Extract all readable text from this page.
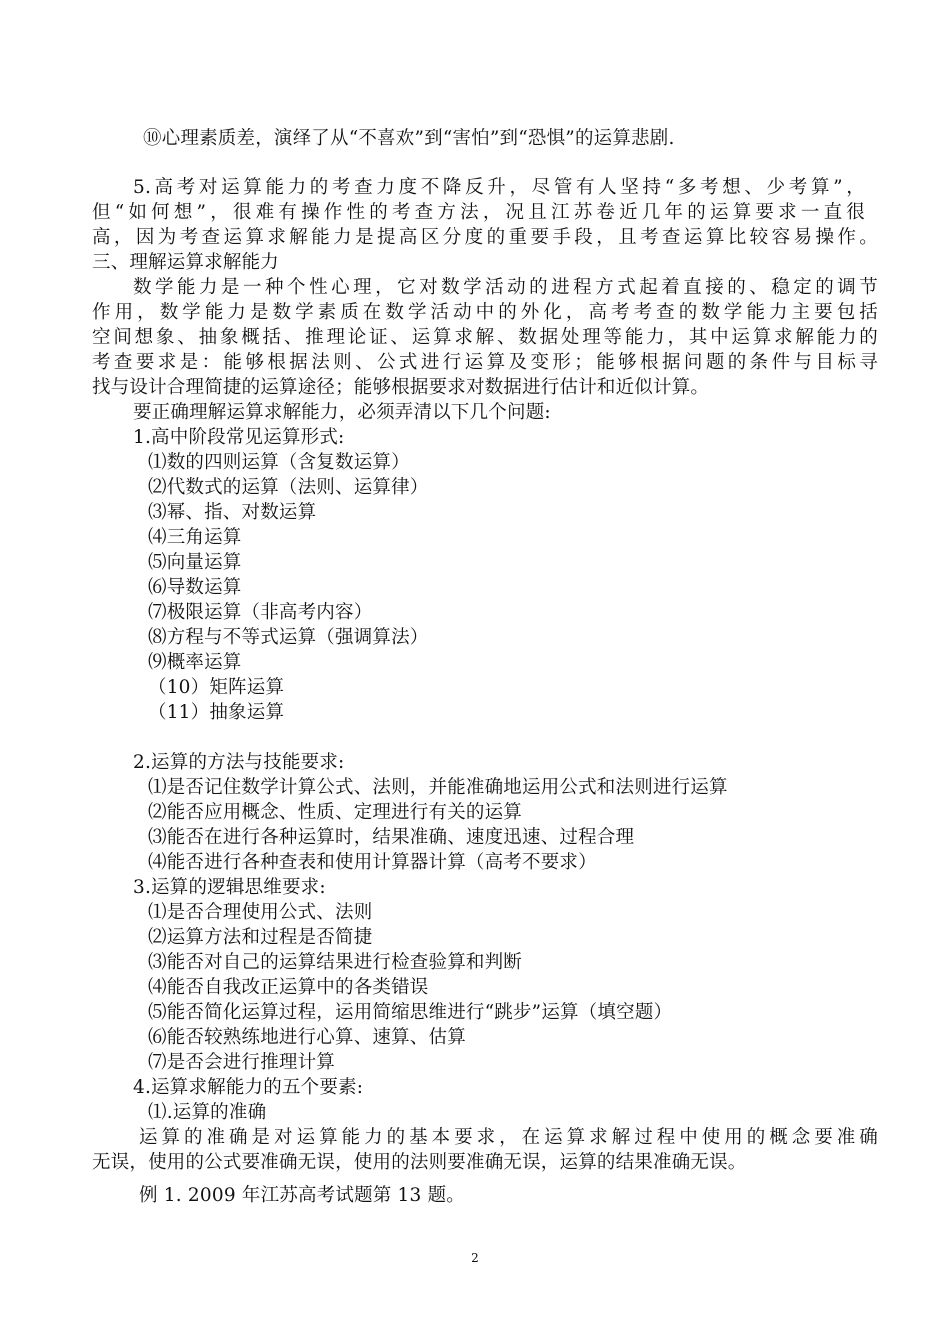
⑩心理素质差，演绎了从“不喜欢”到“害怕”到“恐惧”的运算悲剧.
5.高考对运算能力的考查力度不降反升，尽管有人坚持“多考想、少考算”，
但“如何想”，很难有操作性的考查方法，况且江苏卷近几年的运算要求一直很
高，因为考查运算求解能力是提高区分度的重要手段，且考查运算比较容易操作。
三、理解运算求解能力
数学能力是一种个性心理，它对数学活动的进程方式起着直接的、稳定的调节
作用，数学能力是数学素质在数学活动中的外化，高考考查的数学能力主要包括
空间想象、抽象概括、推理论证、运算求解、数据处理等能力，其中运算求解能力的
考查要求是：能够根据法则、公式进行运算及变形；能够根据问题的条件与目标寻
找与设计合理简捷的运算途径；能够根据要求对数据进行估计和近似计算。
要正确理解运算求解能力，必须弄清以下几个问题:
1.高中阶段常见运算形式:
⑴数的四则运算（含复数运算）
⑵代数式的运算（法则、运算律）
⑶幂、指、对数运算
⑷三角运算
⑸向量运算
⑹导数运算
⑺极限运算（非高考内容）
⑻方程与不等式运算（强调算法）
⑼概率运算
（10）矩阵运算
（11）抽象运算
2.运算的方法与技能要求:
⑴是否记住数学计算公式、法则，并能准确地运用公式和法则进行运算
⑵能否应用概念、性质、定理进行有关的运算
⑶能否在进行各种运算时，结果准确、速度迅速、过程合理
⑷能否进行各种查表和使用计算器计算（高考不要求）
3.运算的逻辑思维要求:
⑴是否合理使用公式、法则
⑵运算方法和过程是否简捷
⑶能否对自己的运算结果进行检查验算和判断
⑷能否自我改正运算中的各类错误
⑸能否简化运算过程，运用简缩思维进行“跳步”运算（填空题）
⑹能否较熟练地进行心算、速算、估算
⑺是否会进行推理计算
4.运算求解能力的五个要素:
⑴.运算的准确
运算的准确是对运算能力的基本要求，在运算求解过程中使用的概念要准确
无误，使用的公式要准确无误，使用的法则要准确无误，运算的结果准确无误。
例 1. 2009 年江苏高考试题第 13 题。
2
